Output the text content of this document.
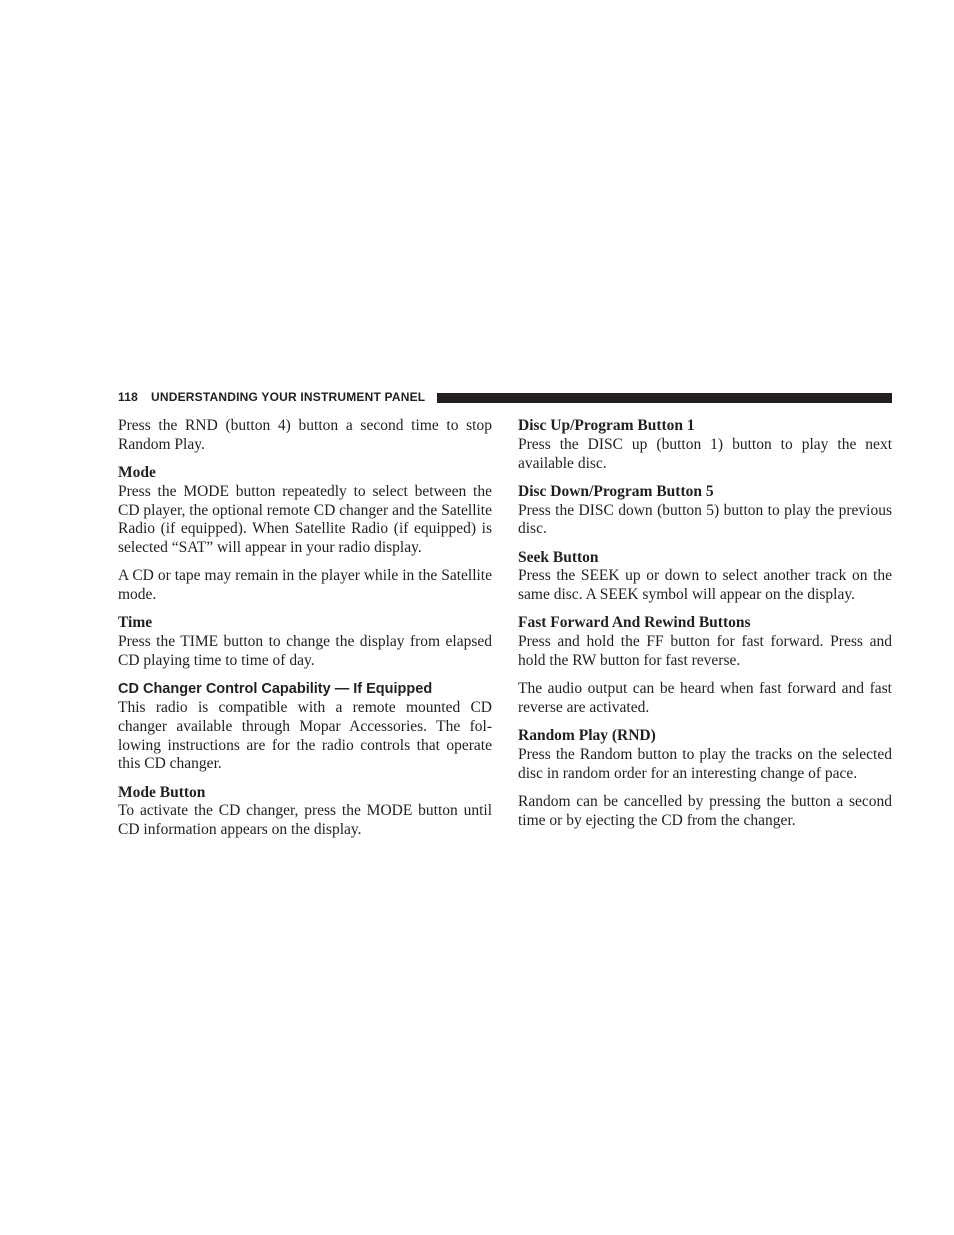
118 UNDERSTANDING YOUR INSTRUMENT PANEL

Press the RND (button 4) button a second time to stop Random Play.

Mode

Press the MODE button repeatedly to select between the CD player, the optional remote CD changer and the Satellite Radio (if equipped). When Satellite Radio (if equipped) is selected “SAT” will appear in your radio display.

A CD or tape may remain in the player while in the Satellite mode.

Time

Press the TIME button to change the display from elapsed CD playing time to time of day.

CD Changer Control Capability — If Equipped

This radio is compatible with a remote mounted CD changer available through Mopar Accessories. The fol-lowing instructions are for the radio controls that operate this CD changer.

Mode Button

To activate the CD changer, press the MODE button until CD information appears on the display.

Disc Up/Program Button 1

Press the DISC up (button 1) button to play the next available disc.

Disc Down/Program Button 5

Press the DISC down (button 5) button to play the previous disc.

Seek Button

Press the SEEK up or down to select another track on the same disc. A SEEK symbol will appear on the display.

Fast Forward And Rewind Buttons

Press and hold the FF button for fast forward. Press and hold the RW button for fast reverse.

The audio output can be heard when fast forward and fast reverse are activated.

Random Play (RND)

Press the Random button to play the tracks on the selected disc in random order for an interesting change of pace.

Random can be cancelled by pressing the button a second time or by ejecting the CD from the changer.
